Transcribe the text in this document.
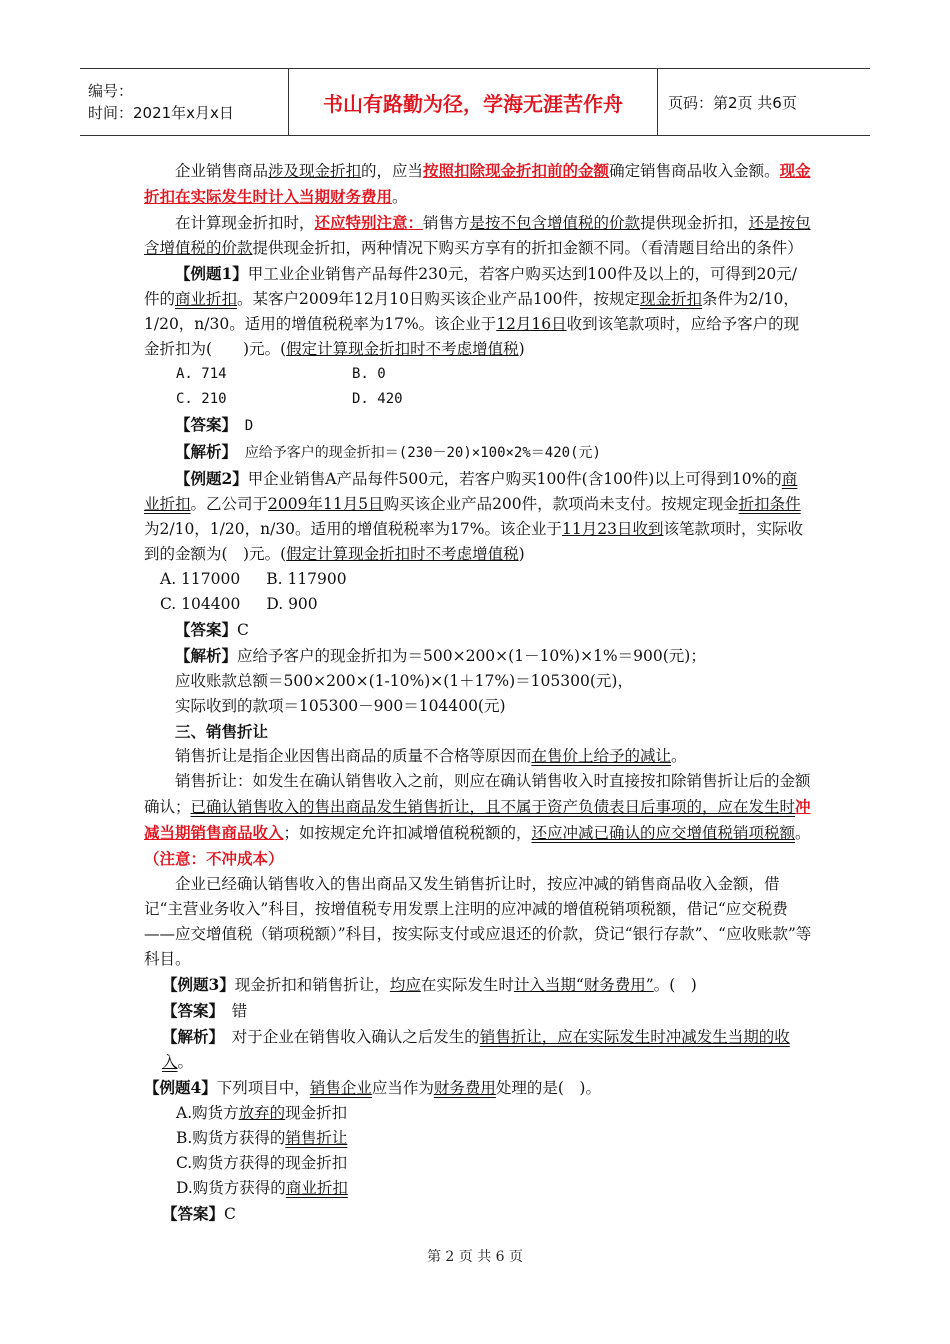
编号：
时间：2021年x月x日	书山有路勤为径，学海无涯苦作舟	页码：第2页 共6页

企业销售商品涉及现金折扣的，应当按照扣除现金折扣前的金额确定销售商品收入金额。现金折扣在实际发生时计入当期财务费用。

在计算现金折扣时，还应特别注意：销售方是按不包含增值税的价款提供现金折扣，还是按包含增值税的价款提供现金折扣，两种情况下购买方享有的折扣金额不同。（看清题目给出的条件）

【例题1】甲工业企业销售产品每件230元，若客户购买达到100件及以上的，可得到20元/件的商业折扣。某客户2009年12月10日购买该企业产品100件，按规定现金折扣条件为2/10，1/20，n/30。适用的增值税税率为17%。该企业于12月16日收到该笔款项时，应给予客户的现金折扣为(　　)元。(假定计算现金折扣时不考虑增值税)

A. 714	B. 0
C. 210	D. 420

【答案】　 D

【解析】　 应给予客户的现金折扣＝(230－20)×100×2%＝420(元)

【例题2】甲企业销售A产品每件500元，若客户购买100件(含100件)以上可得到10%的商业折扣。乙公司于2009年11月5日购买该企业产品200件，款项尚未支付。按规定现金折扣条件为2/10，1/20，n/30。适用的增值税税率为17%。该企业于11月23日收到该笔款项时，实际收到的金额为(　)元。(假定计算现金折扣时不考虑增值税)

A. 117000 B. 117900
C. 104400 D. 900

【答案】C

【解析】应给予客户的现金折扣为＝500×200×(1－10%)×1%＝900(元)；

应收账款总额＝500×200×(1-10%)×(1＋17%)＝105300(元)，

实际收到的款项＝105300－900＝104400(元)

三、销售折让

销售折让是指企业因售出商品的质量不合格等原因而在售价上给予的减让。

销售折让：如发生在确认销售收入之前，则应在确认销售收入时直接按扣除销售折让后的金额确认；已确认销售收入的售出商品发生销售折让，且不属于资产负债表日后事项的，应在发生时冲减当期销售商品收入；如按规定允许扣减增值税税额的，还应冲减已确认的应交增值税销项税额。（注意：不冲成本）

企业已经确认销售收入的售出商品又发生销售折让时，按应冲减的销售商品收入金额，借记“主营业务收入”科目，按增值税专用发票上注明的应冲减的增值税销项税额，借记“应交税费——应交增值税（销项税额）”科目，按实际支付或应退还的价款，贷记“银行存款”、“应收账款”等科目。

【例题3】现金折扣和销售折让，均应在实际发生时计入当期“财务费用”。(　)

【答案】　 错

【解析】　 对于企业在销售收入确认之后发生的销售折让，应在实际发生时冲减发生当期的收入。

【例题4】下列项目中，销售企业应当作为财务费用处理的是(　)。

A.购货方放弃的现金折扣

B.购货方获得的销售折让

C.购货方获得的现金折扣

D.购货方获得的商业折扣

【答案】C

第 2 页 共 6 页
